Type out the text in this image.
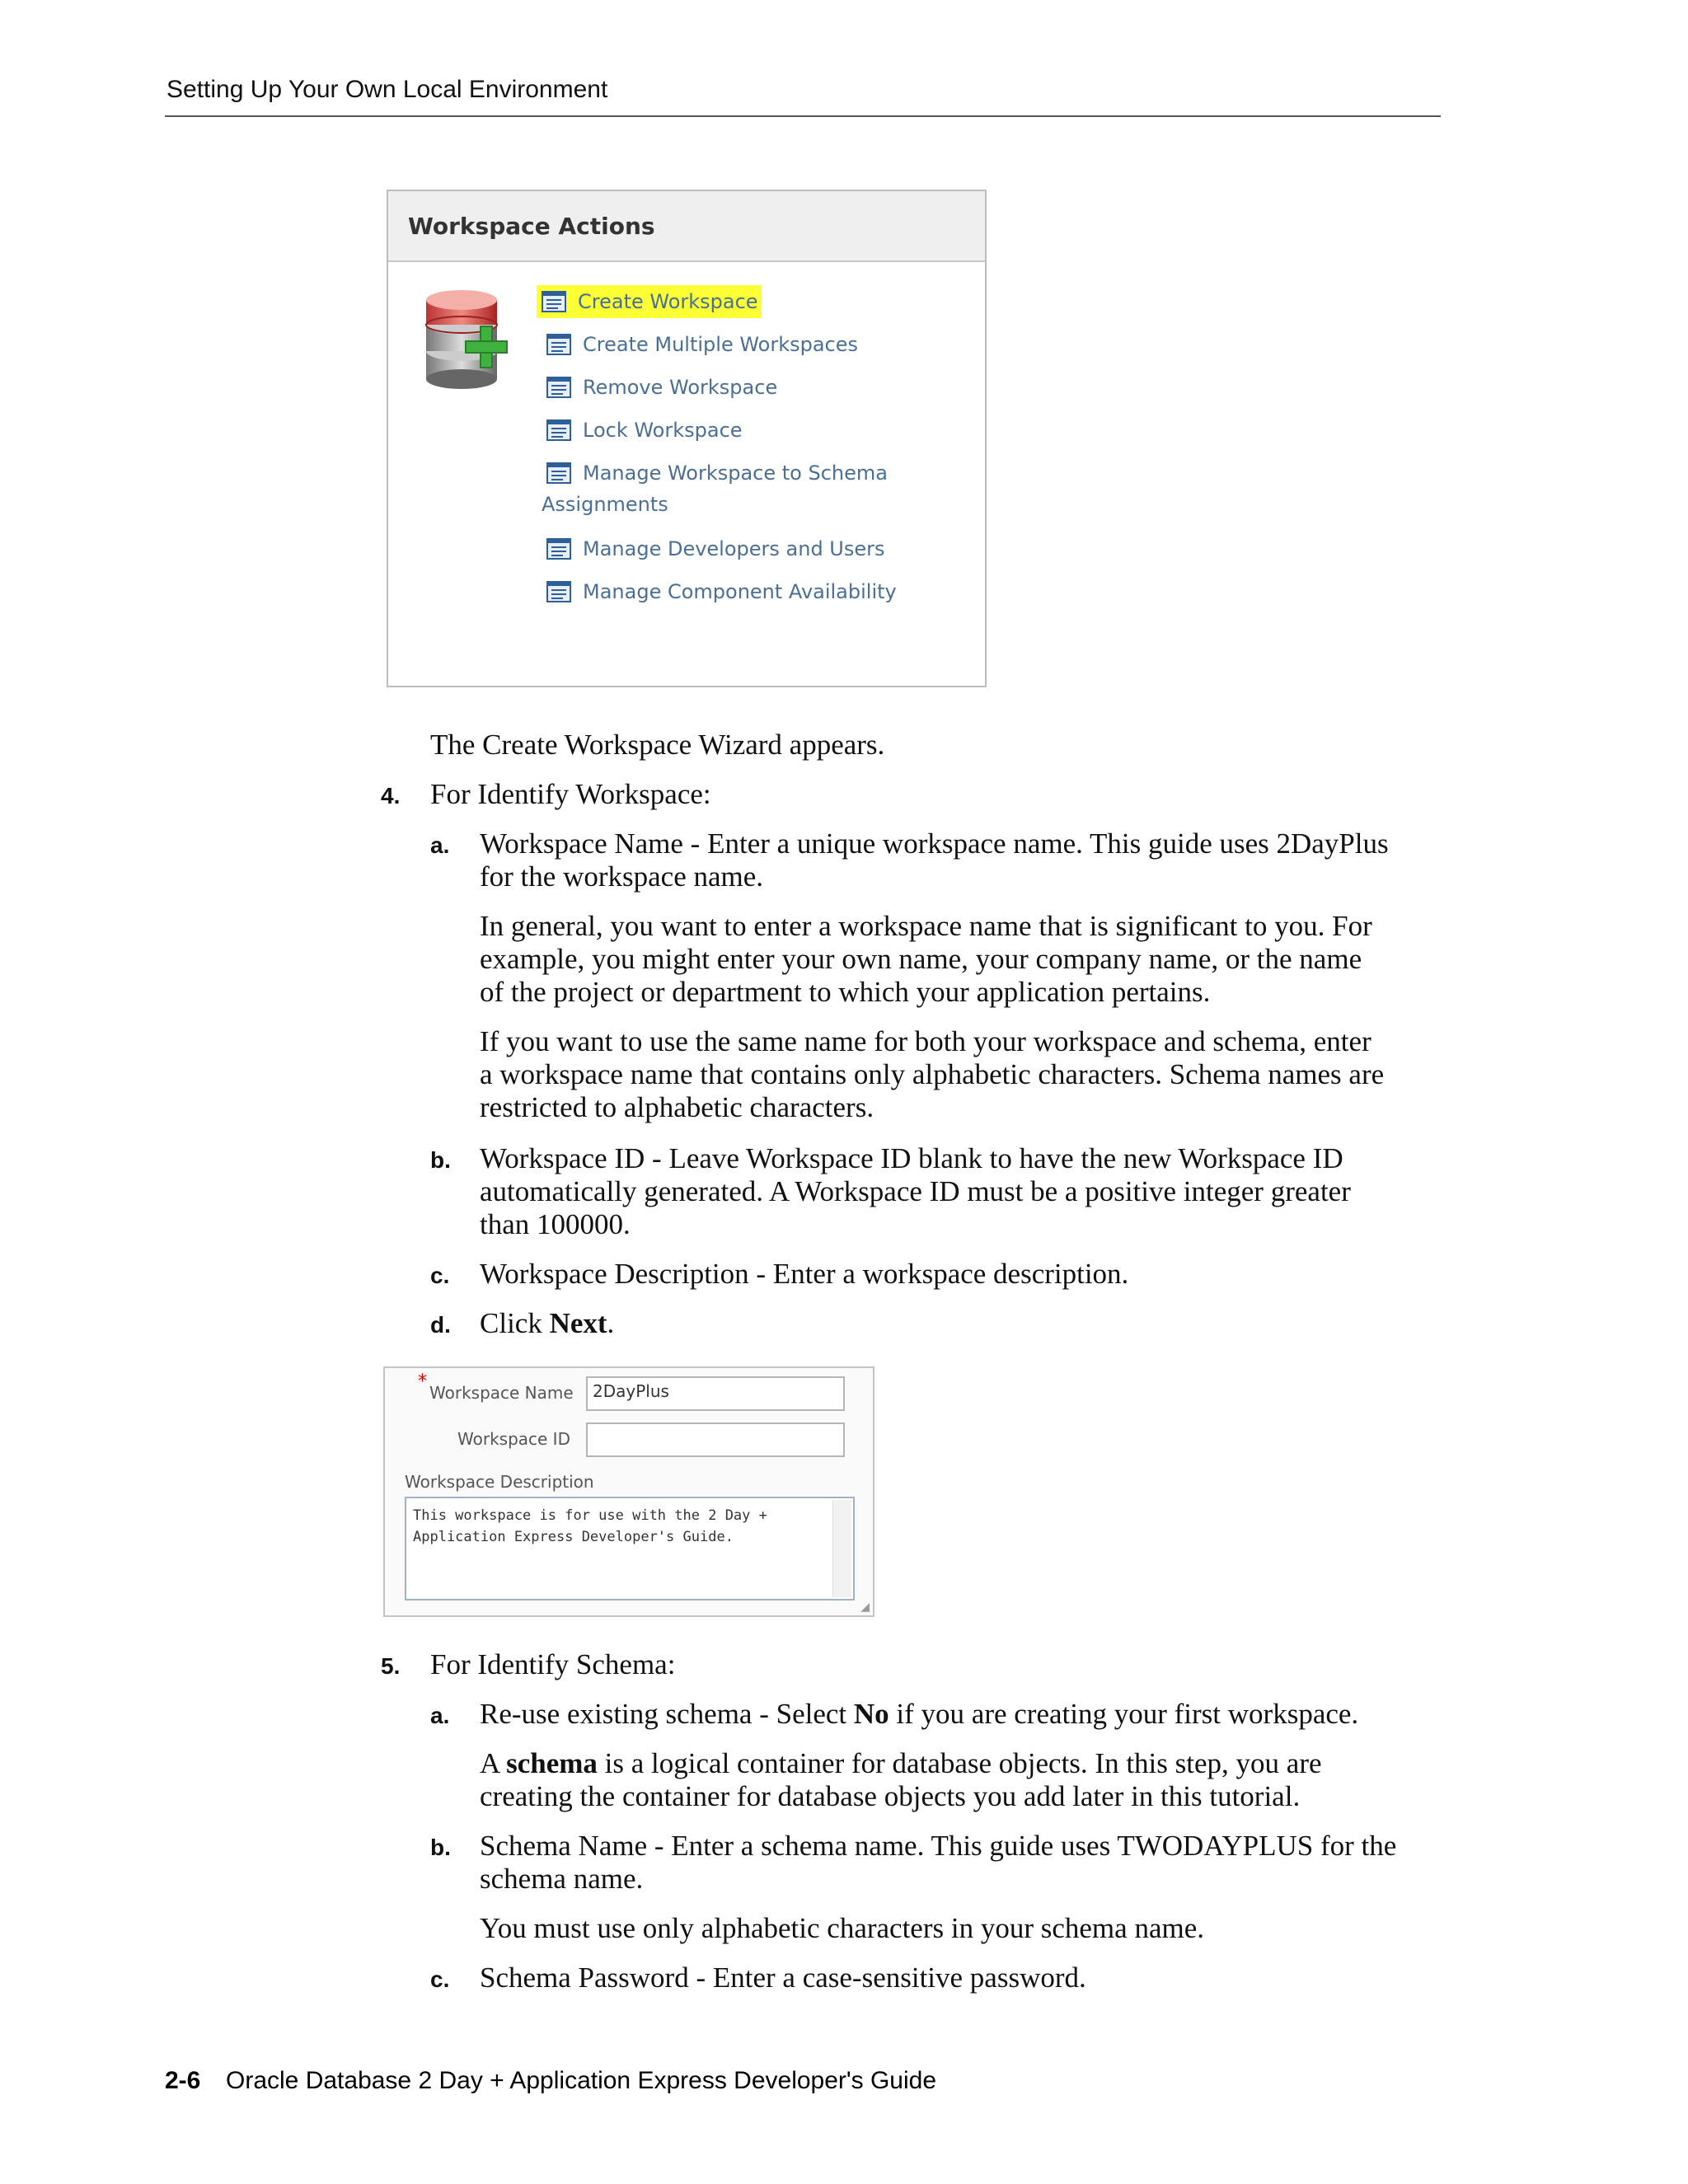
Setting Up Your Own Local Environment
Workspace Actions
Create Workspace
Create Multiple Workspaces
Remove Workspace
Lock Workspace
Manage Workspace to Schema
Assignments
Manage Developers and Users
Manage Component Availability
The Create Workspace Wizard appears.
4. For Identify Workspace:
a. Workspace Name - Enter a unique workspace name. This guide uses 2DayPlus
for the workspace name.
In general, you want to enter a workspace name that is significant to you. For
example, you might enter your own name, your company name, or the name
of the project or department to which your application pertains.
If you want to use the same name for both your workspace and schema, enter
a workspace name that contains only alphabetic characters. Schema names are
restricted to alphabetic characters.
b. Workspace ID - Leave Workspace ID blank to have the new Workspace ID
automatically generated. A Workspace ID must be a positive integer greater
than 100000.
c. Workspace Description - Enter a workspace description.
d. Click Next.
*
Workspace Name	2DayPlus
Workspace ID
Workspace Description
This workspace is for use with the 2 Day +
Application Express Developer's Guide.
◢
5. For Identify Schema:
a. Re-use existing schema - Select No if you are creating your first workspace.
A schema is a logical container for database objects. In this step, you are
creating the container for database objects you add later in this tutorial.
b. Schema Name - Enter a schema name. This guide uses TWODAYPLUS for the
schema name.
You must use only alphabetic characters in your schema name.
c. Schema Password - Enter a case-sensitive password.
2-6 Oracle Database 2 Day + Application Express Developer's Guide
